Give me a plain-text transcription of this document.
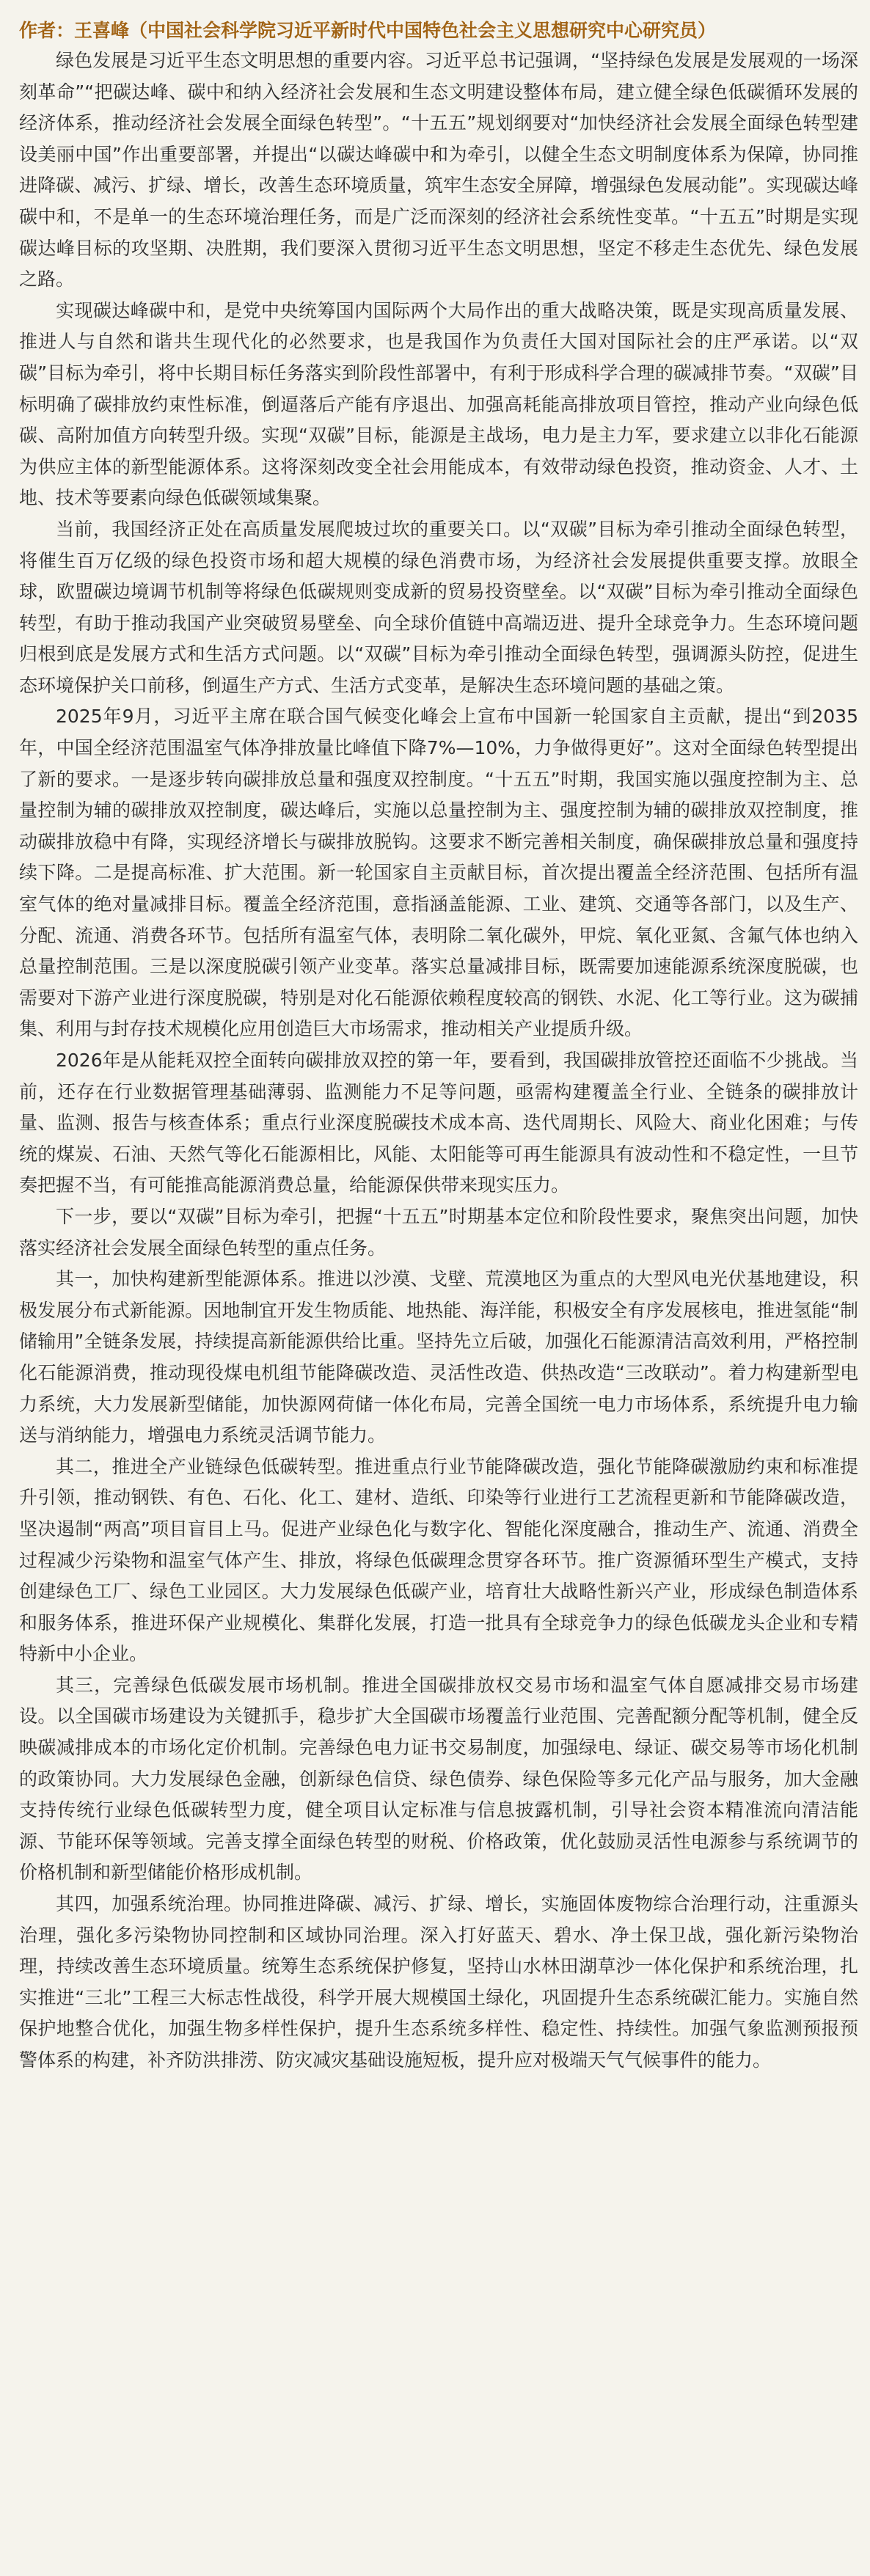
作者：王喜峰（中国社会科学院习近平新时代中国特色社会主义思想研究中心研究员）

绿色发展是习近平生态文明思想的重要内容。习近平总书记强调，“坚持绿色发展是发展观的一场深刻革命”“把碳达峰、碳中和纳入经济社会发展和生态文明建设整体布局，建立健全绿色低碳循环发展的经济体系，推动经济社会发展全面绿色转型”。“十五五”规划纲要对“加快经济社会发展全面绿色转型建设美丽中国”作出重要部署，并提出“以碳达峰碳中和为牵引，以健全生态文明制度体系为保障，协同推进降碳、减污、扩绿、增长，改善生态环境质量，筑牢生态安全屏障，增强绿色发展动能”。实现碳达峰碳中和，不是单一的生态环境治理任务，而是广泛而深刻的经济社会系统性变革。“十五五”时期是实现碳达峰目标的攻坚期、决胜期，我们要深入贯彻习近平生态文明思想，坚定不移走生态优先、绿色发展之路。

实现碳达峰碳中和，是党中央统筹国内国际两个大局作出的重大战略决策，既是实现高质量发展、推进人与自然和谐共生现代化的必然要求，也是我国作为负责任大国对国际社会的庄严承诺。以“双碳”目标为牵引，将中长期目标任务落实到阶段性部署中，有利于形成科学合理的碳减排节奏。“双碳”目标明确了碳排放约束性标准，倒逼落后产能有序退出、加强高耗能高排放项目管控，推动产业向绿色低碳、高附加值方向转型升级。实现“双碳”目标，能源是主战场，电力是主力军，要求建立以非化石能源为供应主体的新型能源体系。这将深刻改变全社会用能成本，有效带动绿色投资，推动资金、人才、土地、技术等要素向绿色低碳领域集聚。

当前，我国经济正处在高质量发展爬坡过坎的重要关口。以“双碳”目标为牵引推动全面绿色转型，将催生百万亿级的绿色投资市场和超大规模的绿色消费市场，为经济社会发展提供重要支撑。放眼全球，欧盟碳边境调节机制等将绿色低碳规则变成新的贸易投资壁垒。以“双碳”目标为牵引推动全面绿色转型，有助于推动我国产业突破贸易壁垒、向全球价值链中高端迈进、提升全球竞争力。生态环境问题归根到底是发展方式和生活方式问题。以“双碳”目标为牵引推动全面绿色转型，强调源头防控，促进生态环境保护关口前移，倒逼生产方式、生活方式变革，是解决生态环境问题的基础之策。

2025年9月，习近平主席在联合国气候变化峰会上宣布中国新一轮国家自主贡献，提出“到2035年，中国全经济范围温室气体净排放量比峰值下降7%—10%，力争做得更好”。这对全面绿色转型提出了新的要求。一是逐步转向碳排放总量和强度双控制度。“十五五”时期，我国实施以强度控制为主、总量控制为辅的碳排放双控制度，碳达峰后，实施以总量控制为主、强度控制为辅的碳排放双控制度，推动碳排放稳中有降，实现经济增长与碳排放脱钩。这要求不断完善相关制度，确保碳排放总量和强度持续下降。二是提高标准、扩大范围。新一轮国家自主贡献目标，首次提出覆盖全经济范围、包括所有温室气体的绝对量减排目标。覆盖全经济范围，意指涵盖能源、工业、建筑、交通等各部门，以及生产、分配、流通、消费各环节。包括所有温室气体，表明除二氧化碳外，甲烷、氧化亚氮、含氟气体也纳入总量控制范围。三是以深度脱碳引领产业变革。落实总量减排目标，既需要加速能源系统深度脱碳，也需要对下游产业进行深度脱碳，特别是对化石能源依赖程度较高的钢铁、水泥、化工等行业。这为碳捕集、利用与封存技术规模化应用创造巨大市场需求，推动相关产业提质升级。

2026年是从能耗双控全面转向碳排放双控的第一年，要看到，我国碳排放管控还面临不少挑战。当前，还存在行业数据管理基础薄弱、监测能力不足等问题，亟需构建覆盖全行业、全链条的碳排放计量、监测、报告与核查体系；重点行业深度脱碳技术成本高、迭代周期长、风险大、商业化困难；与传统的煤炭、石油、天然气等化石能源相比，风能、太阳能等可再生能源具有波动性和不稳定性，一旦节奏把握不当，有可能推高能源消费总量，给能源保供带来现实压力。

下一步，要以“双碳”目标为牵引，把握“十五五”时期基本定位和阶段性要求，聚焦突出问题，加快落实经济社会发展全面绿色转型的重点任务。

其一，加快构建新型能源体系。推进以沙漠、戈壁、荒漠地区为重点的大型风电光伏基地建设，积极发展分布式新能源。因地制宜开发生物质能、地热能、海洋能，积极安全有序发展核电，推进氢能“制储输用”全链条发展，持续提高新能源供给比重。坚持先立后破，加强化石能源清洁高效利用，严格控制化石能源消费，推动现役煤电机组节能降碳改造、灵活性改造、供热改造“三改联动”。着力构建新型电力系统，大力发展新型储能，加快源网荷储一体化布局，完善全国统一电力市场体系，系统提升电力输送与消纳能力，增强电力系统灵活调节能力。

其二，推进全产业链绿色低碳转型。推进重点行业节能降碳改造，强化节能降碳激励约束和标准提升引领，推动钢铁、有色、石化、化工、建材、造纸、印染等行业进行工艺流程更新和节能降碳改造，坚决遏制“两高”项目盲目上马。促进产业绿色化与数字化、智能化深度融合，推动生产、流通、消费全过程减少污染物和温室气体产生、排放，将绿色低碳理念贯穿各环节。推广资源循环型生产模式，支持创建绿色工厂、绿色工业园区。大力发展绿色低碳产业，培育壮大战略性新兴产业，形成绿色制造体系和服务体系，推进环保产业规模化、集群化发展，打造一批具有全球竞争力的绿色低碳龙头企业和专精特新中小企业。

其三，完善绿色低碳发展市场机制。推进全国碳排放权交易市场和温室气体自愿减排交易市场建设。以全国碳市场建设为关键抓手，稳步扩大全国碳市场覆盖行业范围、完善配额分配等机制，健全反映碳减排成本的市场化定价机制。完善绿色电力证书交易制度，加强绿电、绿证、碳交易等市场化机制的政策协同。大力发展绿色金融，创新绿色信贷、绿色债券、绿色保险等多元化产品与服务，加大金融支持传统行业绿色低碳转型力度，健全项目认定标准与信息披露机制，引导社会资本精准流向清洁能源、节能环保等领域。完善支撑全面绿色转型的财税、价格政策，优化鼓励灵活性电源参与系统调节的价格机制和新型储能价格形成机制。

其四，加强系统治理。协同推进降碳、减污、扩绿、增长，实施固体废物综合治理行动，注重源头治理，强化多污染物协同控制和区域协同治理。深入打好蓝天、碧水、净土保卫战，强化新污染物治理，持续改善生态环境质量。统筹生态系统保护修复，坚持山水林田湖草沙一体化保护和系统治理，扎实推进“三北”工程三大标志性战役，科学开展大规模国土绿化，巩固提升生态系统碳汇能力。实施自然保护地整合优化，加强生物多样性保护，提升生态系统多样性、稳定性、持续性。加强气象监测预报预警体系的构建，补齐防洪排涝、防灾减灾基础设施短板，提升应对极端天气气候事件的能力。
